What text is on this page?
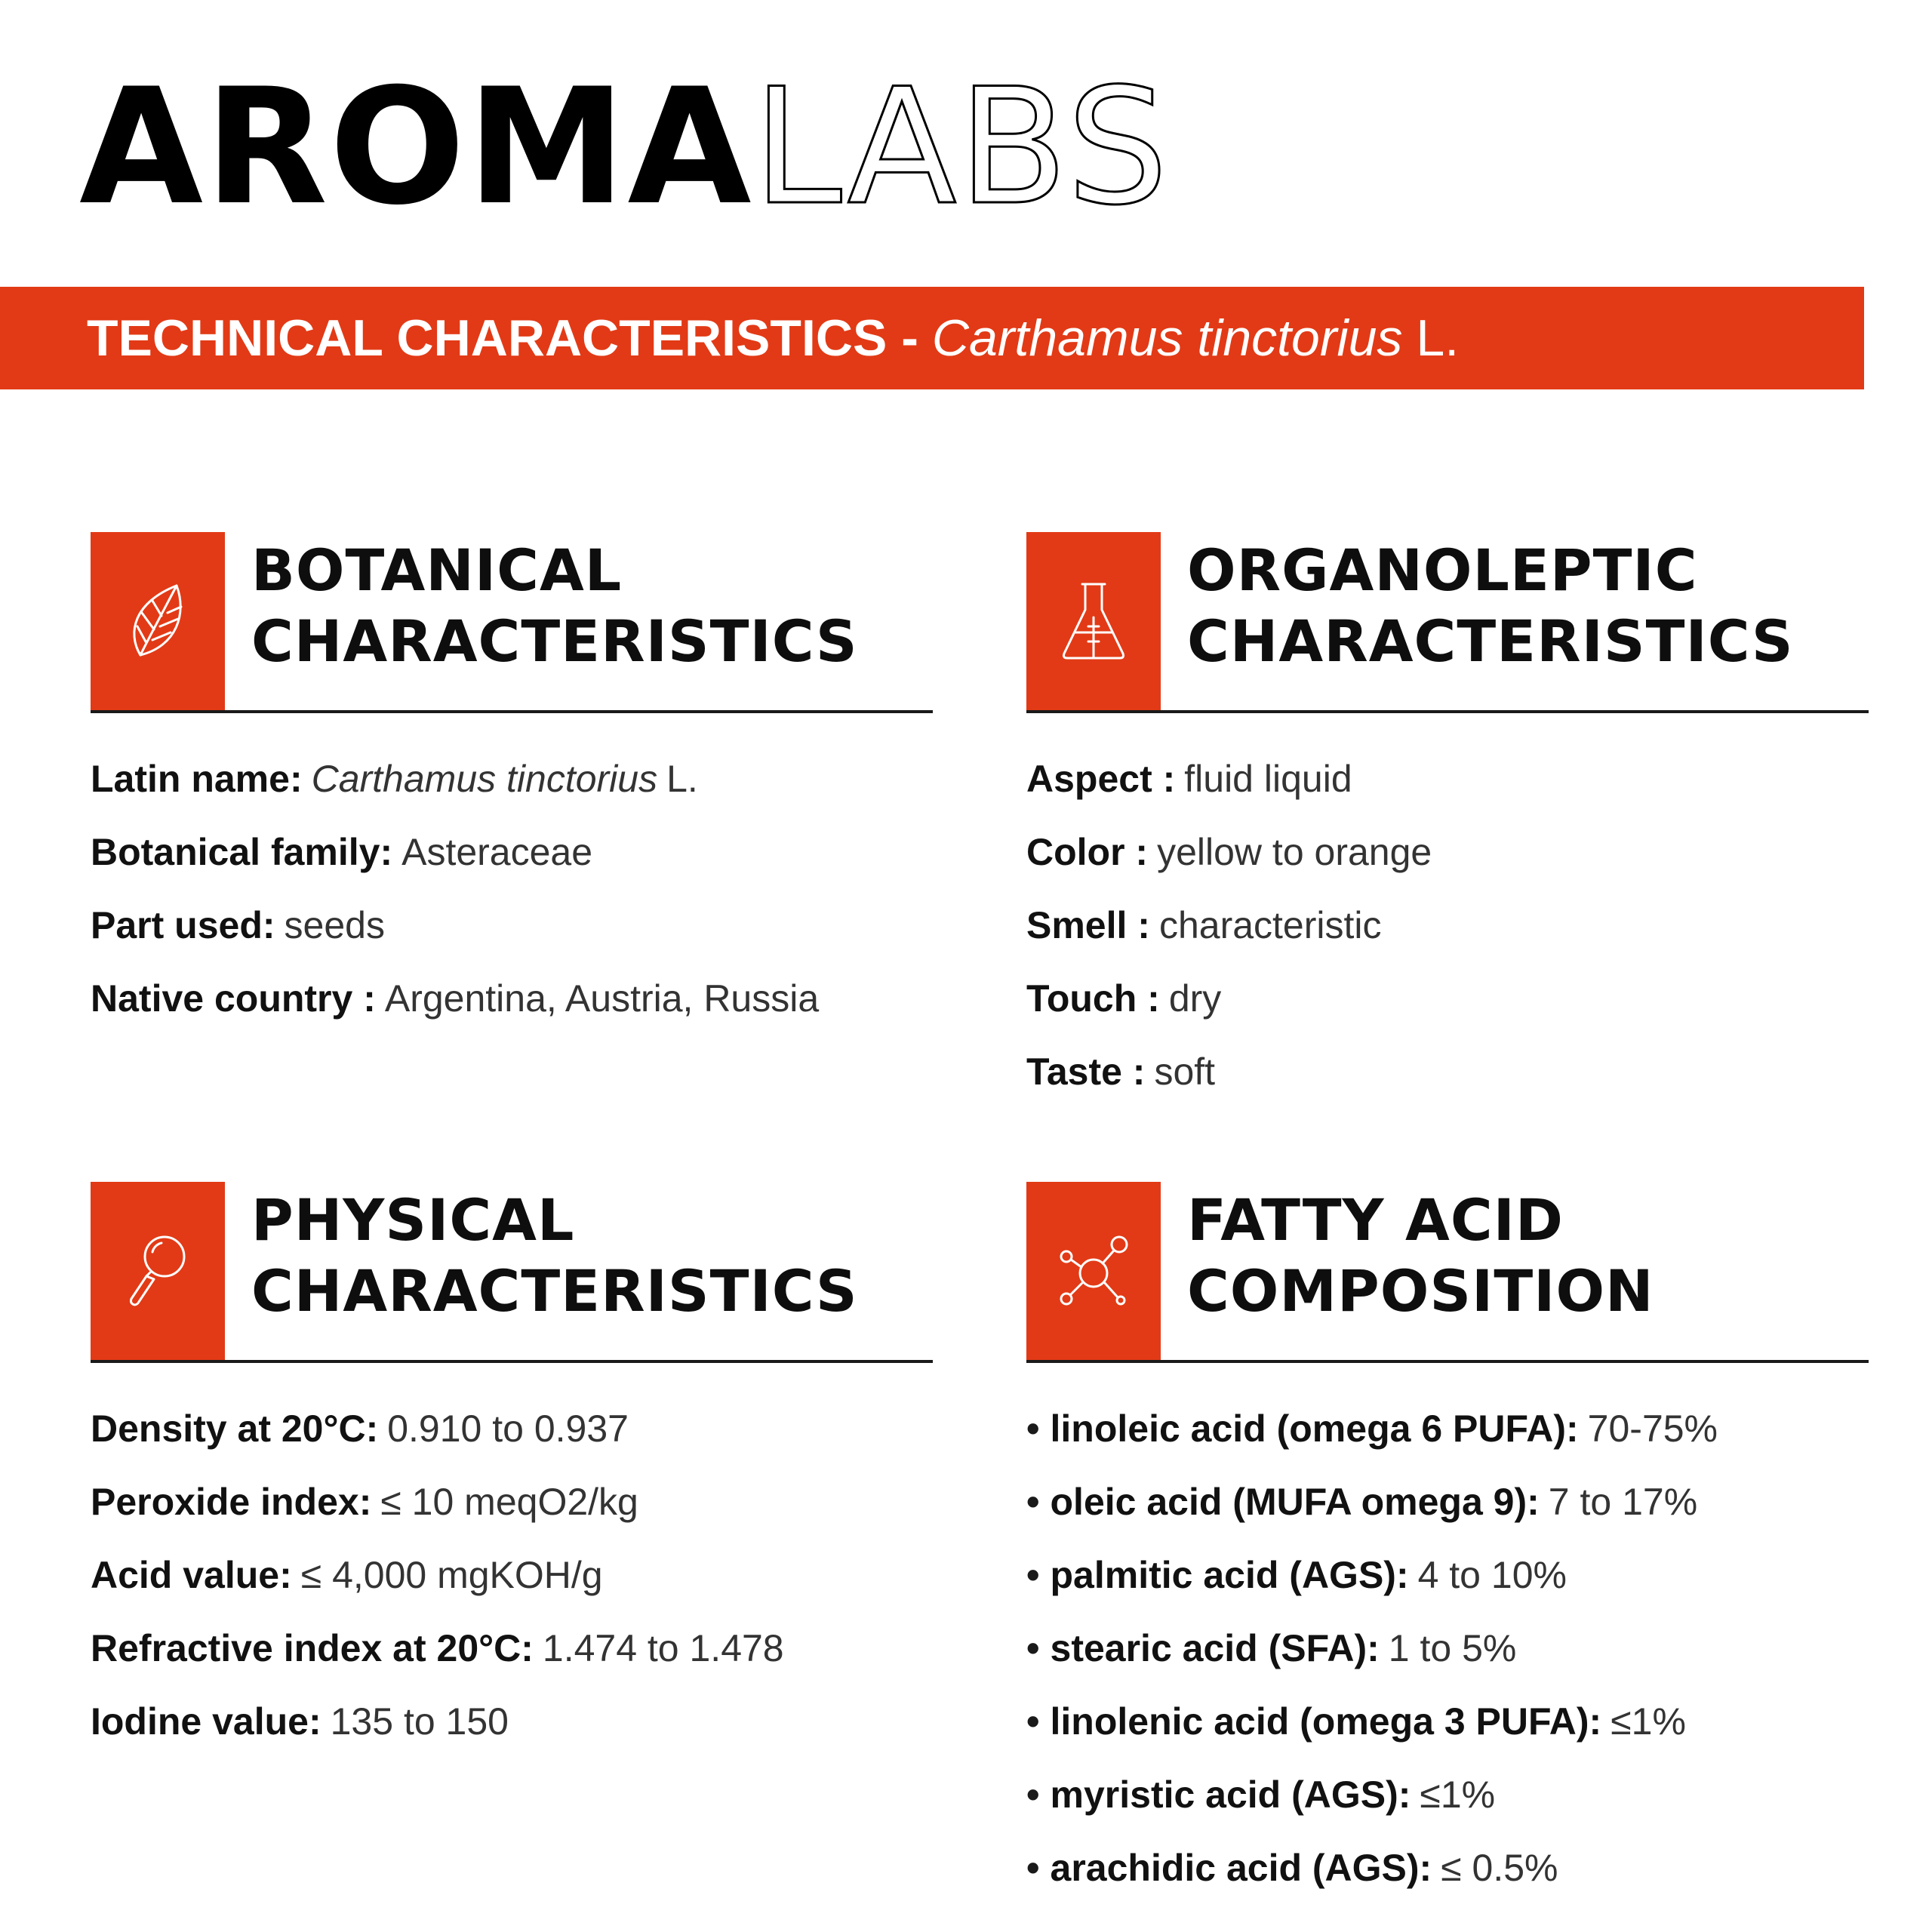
AROMALABS
TECHNICAL CHARACTERISTICS - Carthamus tinctorius L.
BOTANICAL
CHARACTERISTICS
Latin name: Carthamus tinctorius L.
Botanical family: Asteraceae
Part used: seeds
Native country : Argentina, Austria, Russia
ORGANOLEPTIC
CHARACTERISTICS
Aspect : fluid liquid
Color : yellow to orange
Smell : characteristic
Touch : dry
Taste : soft
PHYSICAL
CHARACTERISTICS
Density at 20°C: 0.910 to 0.937
Peroxide index: ≤ 10 meqO2/kg
Acid value: ≤ 4,000 mgKOH/g
Refractive index at 20°C: 1.474 to 1.478
Iodine value: 135 to 150
FATTY ACID
COMPOSITION
• linoleic acid (omega 6 PUFA): 70-75%
• oleic acid (MUFA omega 9): 7 to 17%
• palmitic acid (AGS): 4 to 10%
• stearic acid (SFA): 1 to 5%
• linolenic acid (omega 3 PUFA): ≤1%
• myristic acid (AGS): ≤1%
• arachidic acid (AGS): ≤ 0.5%
